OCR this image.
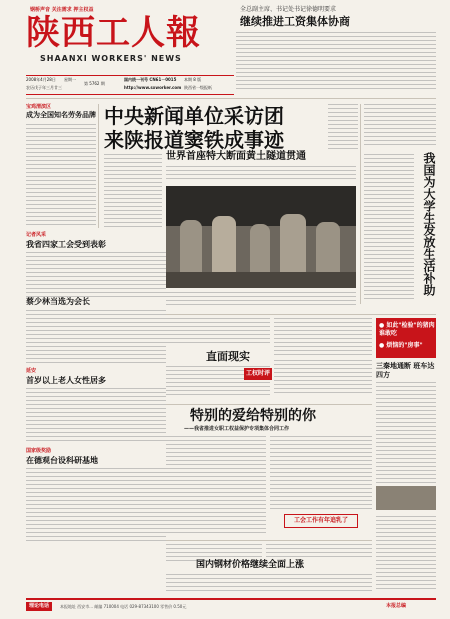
钢桥声音 关注需求 押主权益
陕西工人報
SHAANXI WORKERS' NEWS
2008年4月28日 星期一
农历戊子年三月廿三
第 5762 期
国内统一刊号 CN61－0015
http://www.sxworker.com 陕西省一级报纸
本期 8 版
全总副主席、书记处书记徐德明要求
继续推进工资集体协商
宝鸡渭滨区
成为全国知名劳务品牌
记者风采
我省四家工会受到表彰
蔡少林当选为会长
延安
首岁以上老人女性居多
国家级奖励
在德观台设科研基地
中央新闻单位采访团
来陕报道窦铁成事迹
世界首座特大断面黄土隧道贯通	我国为大学生发放生活补助
直面现实
工权时评
● 如此"检验"的猪肉谁敢吃
● 烦恼的"房事"
三秦地通断 班车达四方
特别的爱给特别的你
——我省推进女职工权益保护专项集体合同工作
工会工作有年追乳了
国内钢材价格继续全面上涨
理论电话	本报地址 西安市... 邮编 710004 电话 029-87343100 零售价 0.50元	本报总编
